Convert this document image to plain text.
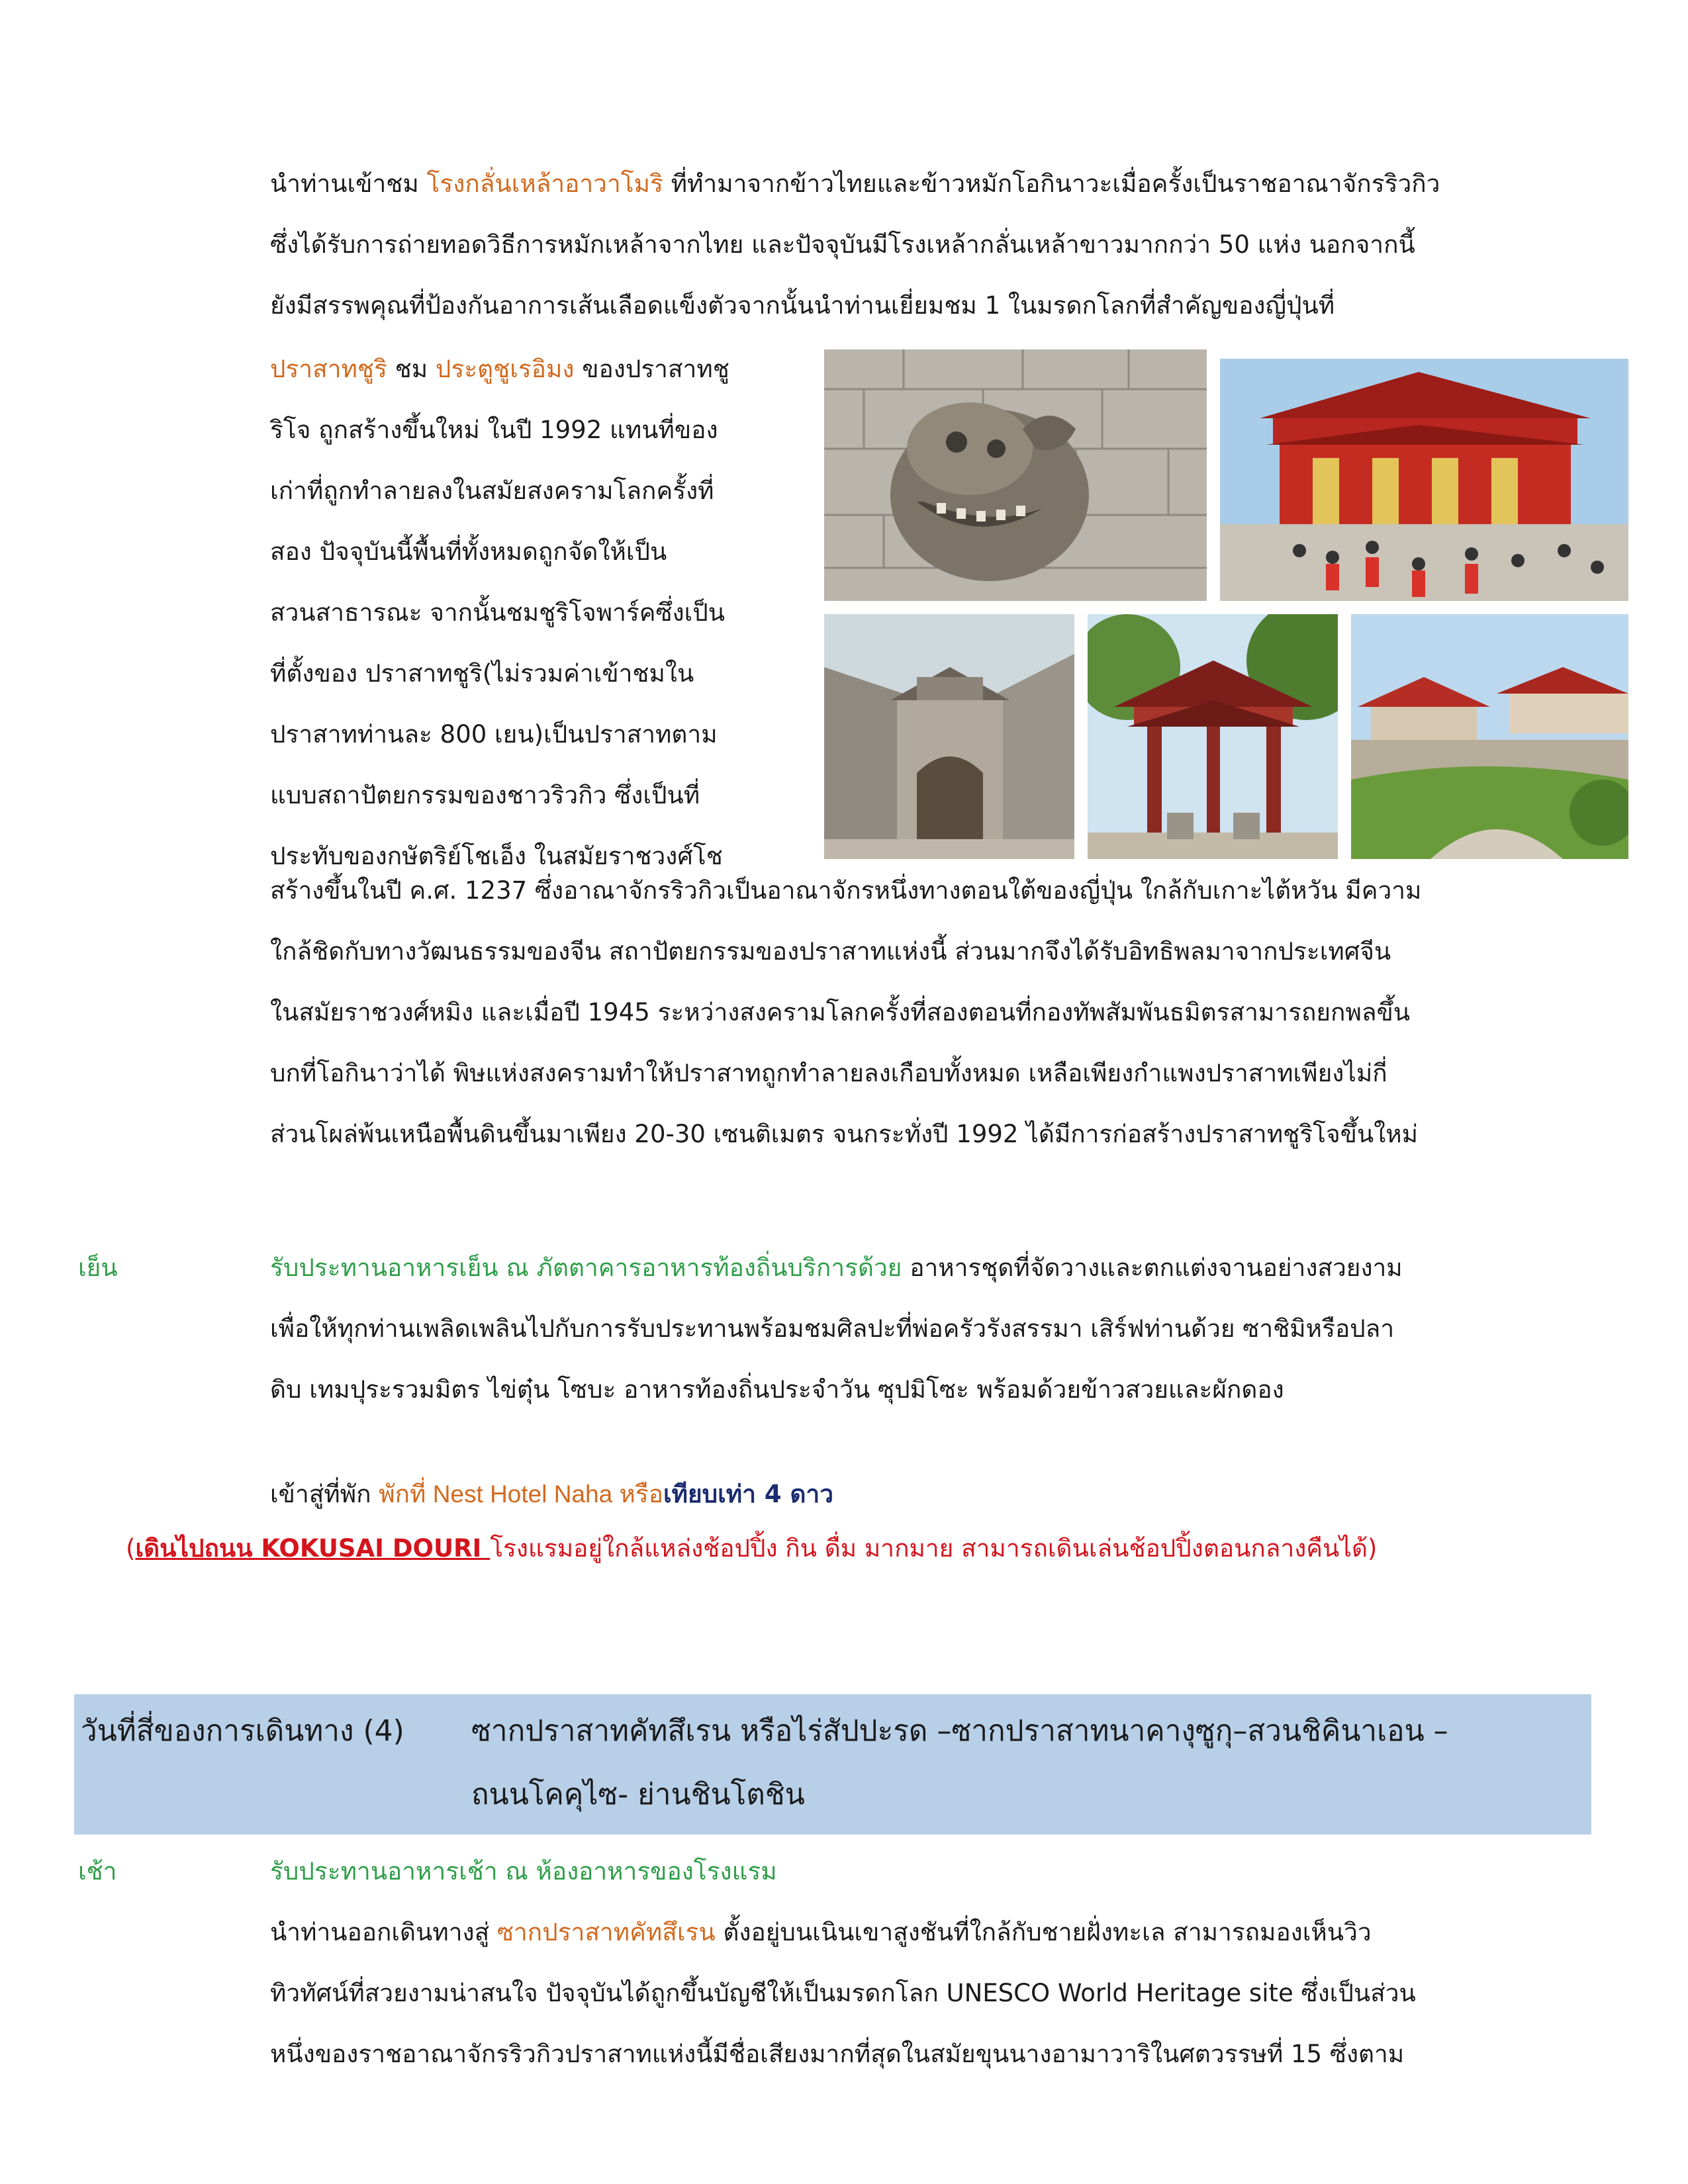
นำท่านเข้าชม โรงกลั่นเหล้าอาวาโมริ ที่ทำมาจากข้าวไทยและข้าวหมักโอกินาวะเมื่อครั้งเป็นราชอาณาจักรริวกิว
ซึ่งได้รับการถ่ายทอดวิธีการหมักเหล้าจากไทย และปัจจุบันมีโรงเหล้ากลั่นเหล้าขาวมากกว่า 50 แห่ง นอกจากนี้
ยังมีสรรพคุณที่ป้องกันอาการเส้นเลือดแข็งตัวจากนั้นนำท่านเยี่ยมชม 1 ในมรดกโลกที่สำคัญของญี่ปุ่นที่
ปราสาทชูริ ชม ประตูชูเรอิมง ของปราสาทชู
ริโจ ถูกสร้างขึ้นใหม่ ในปี 1992 แทนที่ของ
เก่าที่ถูกทำลายลงในสมัยสงครามโลกครั้งที่
สอง ปัจจุบันนี้พื้นที่ทั้งหมดถูกจัดให้เป็น
สวนสาธารณะ จากนั้นชมชูริโจพาร์คซึ่งเป็น
ที่ตั้งของ ปราสาทชูริ(ไม่รวมค่าเข้าชมใน
ปราสาทท่านละ 800 เยน)เป็นปราสาทตาม
แบบสถาปัตยกรรมของชาวริวกิว ซึ่งเป็นที่
ประทับของกษัตริย์โชเอ็ง ในสมัยราชวงศ์โช
สร้างขึ้นในปี ค.ศ. 1237 ซึ่งอาณาจักรริวกิวเป็นอาณาจักรหนึ่งทางตอนใต้ของญี่ปุ่น ใกล้กับเกาะไต้หวัน มีความ
ใกล้ชิดกับทางวัฒนธรรมของจีน สถาปัตยกรรมของปราสาทแห่งนี้ ส่วนมากจึงได้รับอิทธิพลมาจากประเทศจีน
ในสมัยราชวงศ์หมิง และเมื่อปี 1945 ระหว่างสงครามโลกครั้งที่สองตอนที่กองทัพสัมพันธมิตรสามารถยกพลขึ้น
บกที่โอกินาว่าได้ พิษแห่งสงครามทำให้ปราสาทถูกทำลายลงเกือบทั้งหมด เหลือเพียงกำแพงปราสาทเพียงไม่กี่
ส่วนโผล่พ้นเหนือพื้นดินขึ้นมาเพียง 20-30 เซนติเมตร จนกระทั่งปี 1992 ได้มีการก่อสร้างปราสาทชูริโจขึ้นใหม่
เย็น	รับประทานอาหารเย็น ณ ภัตตาคารอาหารท้องถิ่นบริการด้วย อาหารชุดที่จัดวางและตกแต่งจานอย่างสวยงาม
เพื่อให้ทุกท่านเพลิดเพลินไปกับการรับประทานพร้อมชมศิลปะที่พ่อครัวรังสรรมา เสิร์ฟท่านด้วย ซาชิมิหรือปลา
ดิบ เทมปุระรวมมิตร ไข่ตุ๋น โซบะ อาหารท้องถิ่นประจำวัน ซุปมิโซะ พร้อมด้วยข้าวสวยและผักดอง
เข้าสู่ที่พัก พักที่ Nest Hotel Naha หรือเทียบเท่า 4 ดาว
(เดินไปถนน KOKUSAI DOURI โรงแรมอยู่ใกล้แหล่งช้อปปิ้ง กิน ดื่ม มากมาย สามารถเดินเล่นช้อปปิ้งตอนกลางคืนได้)
วันที่สี่ของการเดินทาง (4) ซากปราสาทคัทสึเรน หรือไร่สัปปะรด –ซากปราสาทนาคางุซูกุ–สวนชิคินาเอน –
ถนนโคคุไซ- ย่านชินโตชิน
เช้า	รับประทานอาหารเช้า ณ ห้องอาหารของโรงแรม
นำท่านออกเดินทางสู่ ซากปราสาทคัทสึเรน ตั้งอยู่บนเนินเขาสูงชันที่ใกล้กับชายฝั่งทะเล สามารถมองเห็นวิว
ทิวทัศน์ที่สวยงามน่าสนใจ ปัจจุบันได้ถูกขึ้นบัญชีให้เป็นมรดกโลก UNESCO World Heritage site ซึ่งเป็นส่วน
หนึ่งของราชอาณาจักรริวกิวปราสาทแห่งนี้มีชื่อเสียงมากที่สุดในสมัยขุนนางอามาวาริในศตวรรษที่ 15 ซึ่งตาม
